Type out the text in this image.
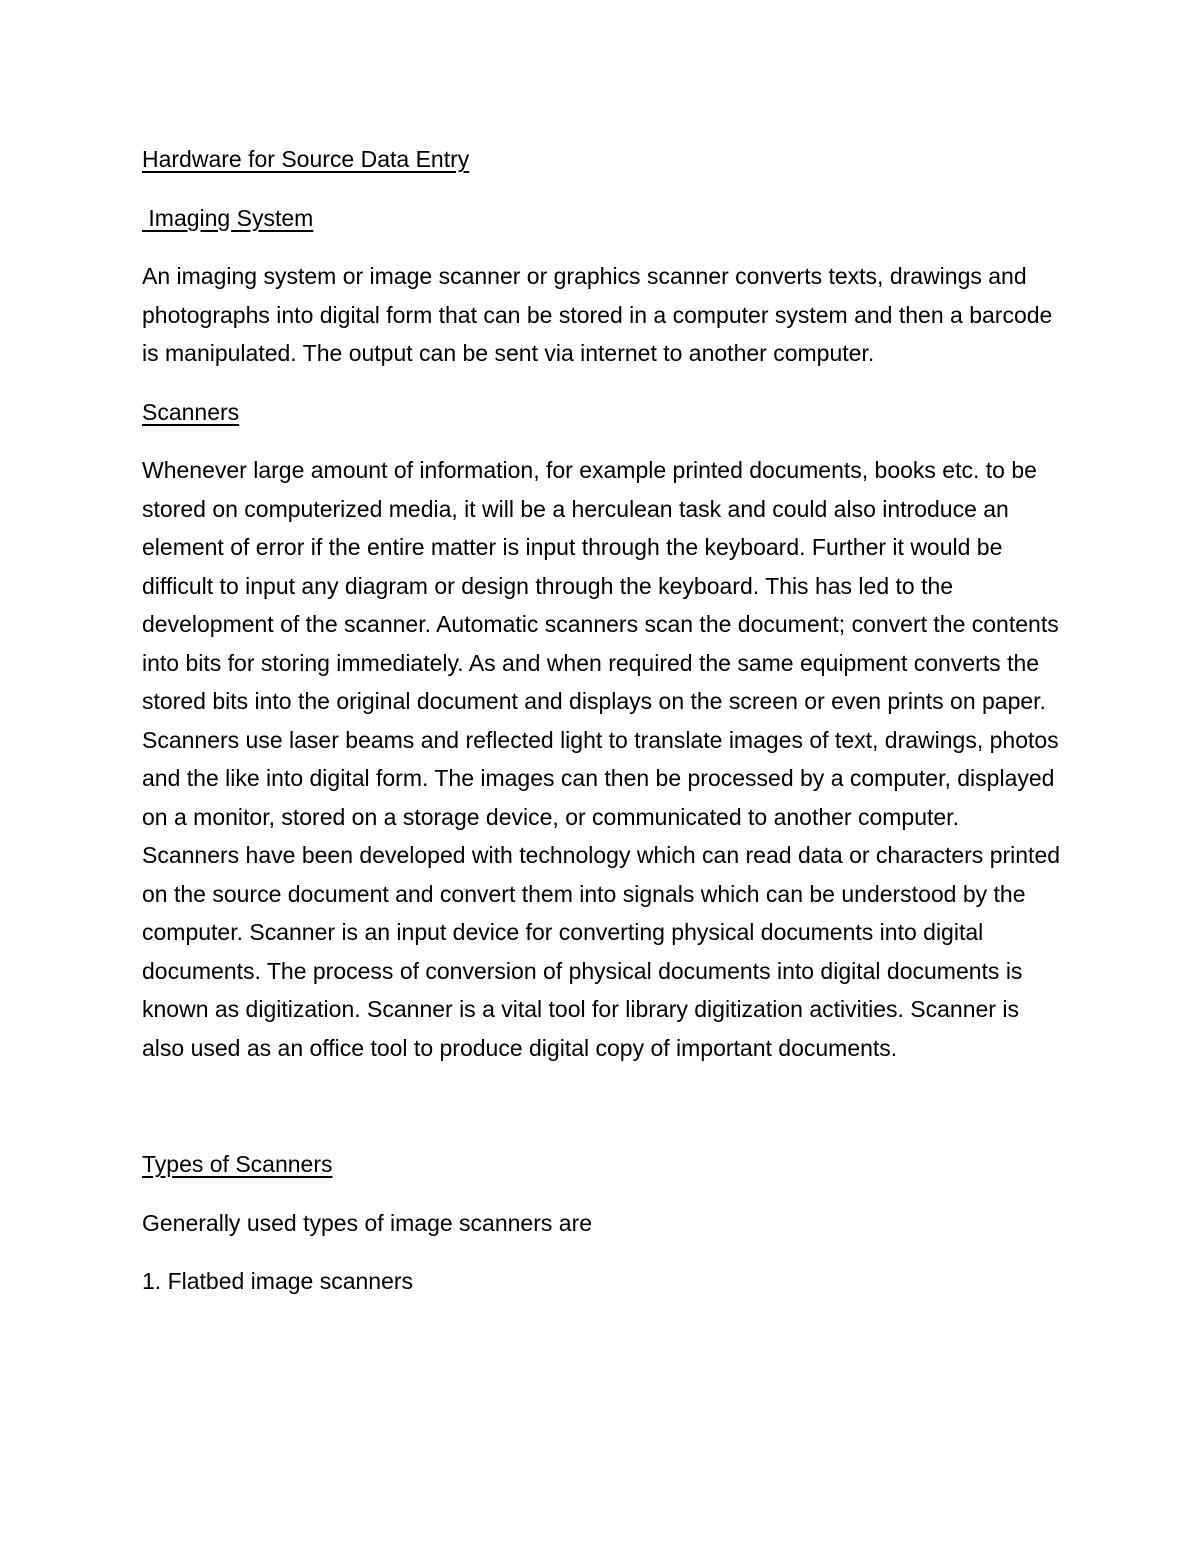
Hardware for Source Data Entry

Imaging System

An imaging system or image scanner or graphics scanner converts texts, drawings and photographs into digital form that can be stored in a computer system and then a barcode is manipulated. The output can be sent via internet to another computer.

Scanners

Whenever large amount of information, for example printed documents, books etc. to be stored on computerized media, it will be a herculean task and could also introduce an element of error if the entire matter is input through the keyboard. Further it would be difficult to input any diagram or design through the keyboard. This has led to the development of the scanner. Automatic scanners scan the document; convert the contents into bits for storing immediately. As and when required the same equipment converts the stored bits into the original document and displays on the screen or even prints on paper. Scanners use laser beams and reflected light to translate images of text, drawings, photos and the like into digital form. The images can then be processed by a computer, displayed on a monitor, stored on a storage device, or communicated to another computer. Scanners have been developed with technology which can read data or characters printed on the source document and convert them into signals which can be understood by the computer. Scanner is an input device for converting physical documents into digital documents. The process of conversion of physical documents into digital documents is known as digitization. Scanner is a vital tool for library digitization activities. Scanner is also used as an office tool to produce digital copy of important documents.

Types of Scanners

Generally used types of image scanners are

1. Flatbed image scanners
